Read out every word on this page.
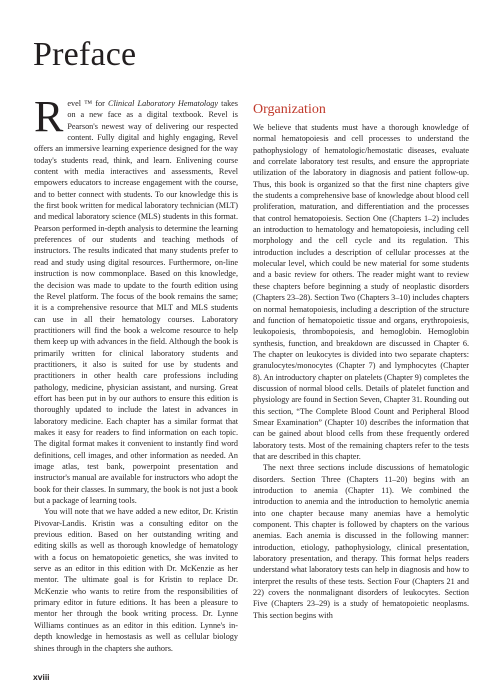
Preface

Revel ™ for Clinical Laboratory Hematology takes on a new face as a digital textbook. Revel is Pearson's newest way of delivering our respected content. Fully digital and highly engaging, Revel offers an immersive learning experience designed for the way today's students read, think, and learn. Enlivening course content with media interactives and assessments, Revel empowers educators to increase engagement with the course, and to better connect with students. To our knowledge this is the first book written for medical laboratory technician (MLT) and medical laboratory science (MLS) students in this format. Pearson performed in-depth analysis to determine the learning preferences of our students and teaching methods of instructors. The results indicated that many students prefer to read and study using digital resources. Furthermore, on-line instruction is now commonplace. Based on this knowledge, the decision was made to update to the fourth edition using the Revel platform. The focus of the book remains the same; it is a comprehensive resource that MLT and MLS students can use in all their hematology courses. Laboratory practitioners will find the book a welcome resource to help them keep up with advances in the field. Although the book is primarily written for clinical laboratory students and practitioners, it also is suited for use by students and practitioners in other health care professions including pathology, medicine, physician assistant, and nursing. Great effort has been put in by our authors to ensure this edition is thoroughly updated to include the latest in advances in laboratory medicine. Each chapter has a similar format that makes it easy for readers to find information on each topic. The digital format makes it convenient to instantly find word definitions, cell images, and other information as needed. An image atlas, test bank, powerpoint presentation and instructor's manual are available for instructors who adopt the book for their classes. In summary, the book is not just a book but a package of learning tools.

You will note that we have added a new editor, Dr. Kristin Pivovar-Landis. Kristin was a consulting editor on the previous edition. Based on her outstanding writing and editing skills as well as thorough knowledge of hematology with a focus on hematopoietic genetics, she was invited to serve as an editor in this edition with Dr. McKenzie as her mentor. The ultimate goal is for Kristin to replace Dr. McKenzie who wants to retire from the responsibilities of primary editor in future editions. It has been a pleasure to mentor her through the book writing process. Dr. Lynne Williams continues as an editor in this edition. Lynne's in-depth knowledge in hemostasis as well as cellular biology shines through in the chapters she authors.

Organization

We believe that students must have a thorough knowledge of normal hematopoiesis and cell processes to understand the pathophysiology of hematologic/hemostatic diseases, evaluate and correlate laboratory test results, and ensure the appropriate utilization of the laboratory in diagnosis and patient follow-up. Thus, this book is organized so that the first nine chapters give the students a comprehensive base of knowledge about blood cell proliferation, maturation, and differentiation and the processes that control hematopoiesis. Section One (Chapters 1–2) includes an introduction to hematology and hematopoiesis, including cell morphology and the cell cycle and its regulation. This introduction includes a description of cellular processes at the molecular level, which could be new material for some students and a basic review for others. The reader might want to review these chapters before beginning a study of neoplastic disorders (Chapters 23–28). Section Two (Chapters 3–10) includes chapters on normal hematopoiesis, including a description of the structure and function of hematopoietic tissue and organs, erythropoiesis, leukopoiesis, thrombopoiesis, and hemoglobin. Hemoglobin synthesis, function, and breakdown are discussed in Chapter 6. The chapter on leukocytes is divided into two separate chapters: granulocytes/monocytes (Chapter 7) and lymphocytes (Chapter 8). An introductory chapter on platelets (Chapter 9) completes the discussion of normal blood cells. Details of platelet function and physiology are found in Section Seven, Chapter 31. Rounding out this section, “The Complete Blood Count and Peripheral Blood Smear Examination” (Chapter 10) describes the information that can be gained about blood cells from these frequently ordered laboratory tests. Most of the remaining chapters refer to the tests that are described in this chapter.

The next three sections include discussions of hematologic disorders. Section Three (Chapters 11–20) begins with an introduction to anemia (Chapter 11). We combined the introduction to anemia and the introduction to hemolytic anemia into one chapter because many anemias have a hemolytic component. This chapter is followed by chapters on the various anemias. Each anemia is discussed in the following manner: introduction, etiology, pathophysiology, clinical presentation, laboratory presentation, and therapy. This format helps readers understand what laboratory tests can help in diagnosis and how to interpret the results of these tests. Section Four (Chapters 21 and 22) covers the nonmalignant disorders of leukocytes. Section Five (Chapters 23–29) is a study of hematopoietic neoplasms. This section begins with

xviii
